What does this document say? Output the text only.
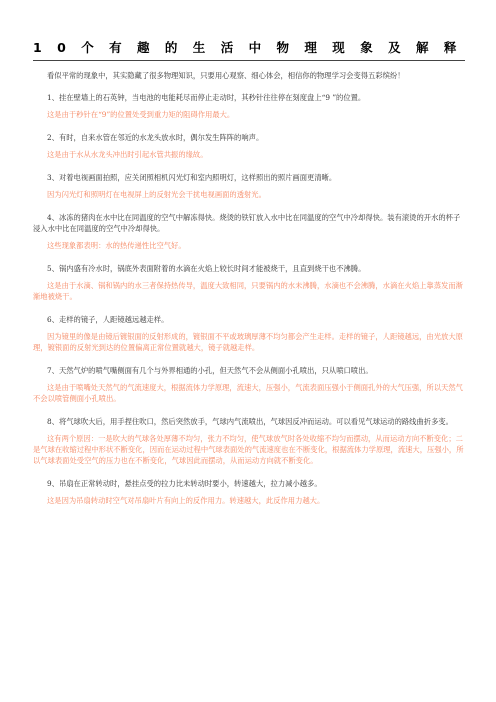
10个有趣的生活中物理现象及解释

看似平常的现象中，其实隐藏了很多物理知识，只要用心观察、细心体会，相信你的物理学习会变得五彩缤纷！

1、挂在壁墙上的石英钟，当电池的电能耗尽而停止走动时，其秒针往往停在刻度盘上“9 ”的位置。

这是由于秒针在“9”的位置处受到重力矩的阻碍作用最大。

2、有时，自来水管在邻近的水龙头放水时，偶尔发生阵阵的响声。

这是由于水从水龙头冲出时引起水管共振的缘故。

3、对着电视画面拍照，应关闭照相机闪光灯和室内照明灯，这样照出的照片画面更清晰。

因为闪光灯和照明灯在电视屏上的反射光会干扰电视画面的透射光。

4、冰冻的猪肉在水中比在同温度的空气中解冻得快。烧烫的铁钉放入水中比在同温度的空气中冷却得快。装有滚烫的开水的杯子浸入水中比在同温度的空气中冷却得快。

这些现象都表明：水的热传递性比空气好。

5、锅内盛有冷水时，锅底外表面附着的水滴在火焰上较长时间才能被烧干，且直到烧干也不沸腾。

这是由于水滴、锅和锅内的水三者保持热传导，温度大致相同，只要锅内的水未沸腾，水滴也不会沸腾，水滴在火焰上靠蒸发而渐渐地被烧干。

6、走样的镜子，人距镜越远越走样。

因为镜里的像是由镜后镀银面的反射形成的，镀银面不平或玻璃厚薄不均匀都会产生走样。走样的镜子，人距镜越远，由光放大原理，镀银面的反射光到达的位置偏离正常位置就越大，镜子就越走样。

7、天然气炉的喷气嘴侧面有几个与外界相通的小孔，但天然气不会从侧面小孔喷出，只从喷口喷出。

这是由于喷嘴处天然气的气流速度大，根据流体力学原理，流速大，压强小，气流表面压强小于侧面孔外的大气压强，所以天然气不会以喷管侧面小孔喷出。

8、将气球吹大后，用手捏住吹口，然后突然放手，气球内气流喷出，气球因反冲而运动。可以看见气球运动的路线曲折多变。

这有两个原因：一是吹大的气球各处厚薄不均匀，张力不均匀，使气球放气时各处收缩不均匀而摆动，从而运动方向不断变化；二是气球在收缩过程中形状不断变化，因而在运动过程中气球表面处的气流速度也在不断变化，根据流体力学原理，流速大，压强小，所以气球表面处受空气的压力也在不断变化，气球因此而摆动，从而运动方向就不断变化。

9、吊扇在正常转动时，悬挂点受的拉力比未转动时要小，转速越大，拉力减小越多。

这是因为吊扇转动时空气对吊扇叶片有向上的反作用力。转速越大，此反作用力越大。
